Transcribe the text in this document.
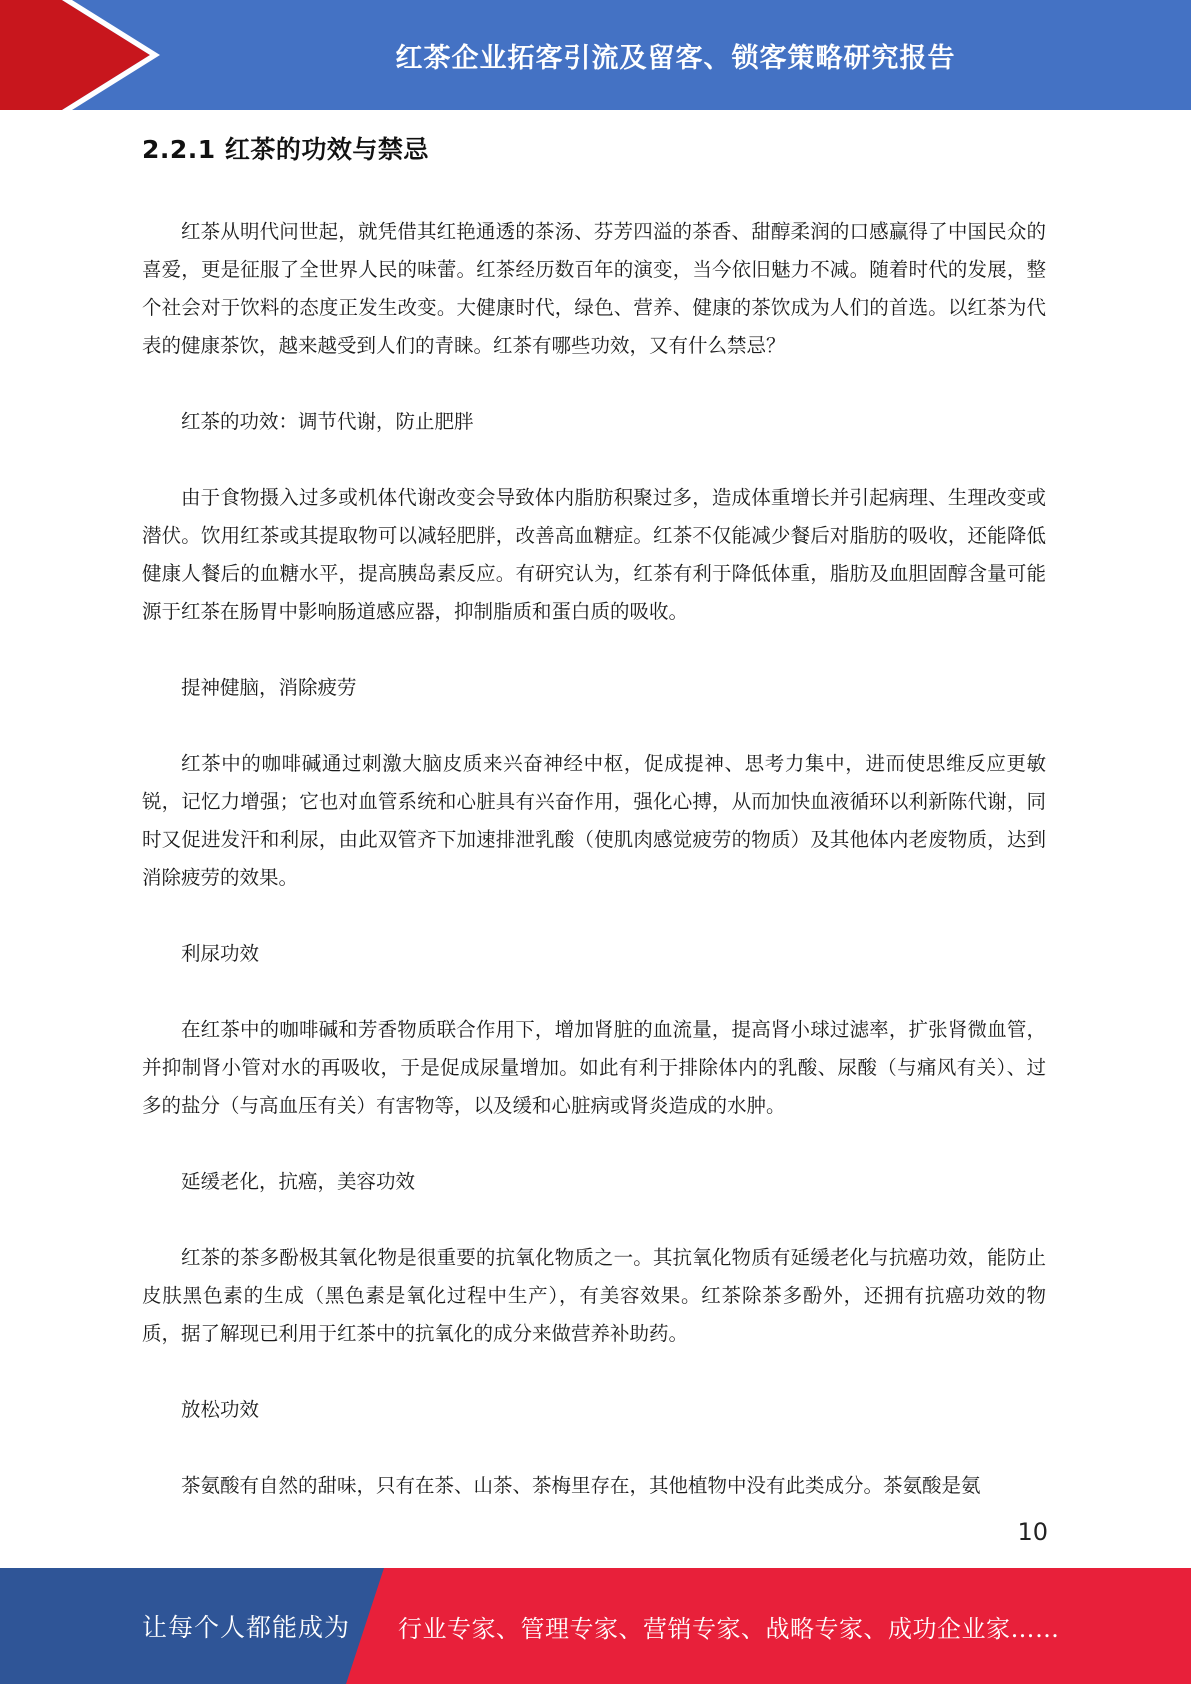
红茶企业拓客引流及留客、锁客策略研究报告
2.2.1 红茶的功效与禁忌

红茶从明代问世起，就凭借其红艳通透的茶汤、芬芳四溢的茶香、甜醇柔润的口感赢得了中国民众的喜爱，更是征服了全世界人民的味蕾。红茶经历数百年的演变，当今依旧魅力不减。随着时代的发展，整个社会对于饮料的态度正发生改变。大健康时代，绿色、营养、健康的茶饮成为人们的首选。以红茶为代表的健康茶饮，越来越受到人们的青睐。红茶有哪些功效，又有什么禁忌？

红茶的功效：调节代谢，防止肥胖

由于食物摄入过多或机体代谢改变会导致体内脂肪积聚过多，造成体重增长并引起病理、生理改变或潜伏。饮用红茶或其提取物可以减轻肥胖，改善高血糖症。红茶不仅能减少餐后对脂肪的吸收，还能降低健康人餐后的血糖水平，提高胰岛素反应。有研究认为，红茶有利于降低体重，脂肪及血胆固醇含量可能源于红茶在肠胃中影响肠道感应器，抑制脂质和蛋白质的吸收。

提神健脑，消除疲劳

红茶中的咖啡碱通过刺激大脑皮质来兴奋神经中枢，促成提神、思考力集中，进而使思维反应更敏锐，记忆力增强；它也对血管系统和心脏具有兴奋作用，强化心搏，从而加快血液循环以利新陈代谢，同时又促进发汗和利尿，由此双管齐下加速排泄乳酸（使肌肉感觉疲劳的物质）及其他体内老废物质，达到消除疲劳的效果。

利尿功效

在红茶中的咖啡碱和芳香物质联合作用下，增加肾脏的血流量，提高肾小球过滤率，扩张肾微血管，并抑制肾小管对水的再吸收，于是促成尿量增加。如此有利于排除体内的乳酸、尿酸（与痛风有关）、过多的盐分（与高血压有关）有害物等，以及缓和心脏病或肾炎造成的水肿。

延缓老化，抗癌，美容功效

红茶的茶多酚极其氧化物是很重要的抗氧化物质之一。其抗氧化物质有延缓老化与抗癌功效，能防止皮肤黑色素的生成（黑色素是氧化过程中生产），有美容效果。红茶除茶多酚外，还拥有抗癌功效的物质，据了解现已利用于红茶中的抗氧化的成分来做营养补助药。

放松功效

茶氨酸有自然的甜味，只有在茶、山茶、茶梅里存在，其他植物中没有此类成分。茶氨酸是氨

10
让每个人都能成为 行业专家、管理专家、营销专家、战略专家、成功企业家……
